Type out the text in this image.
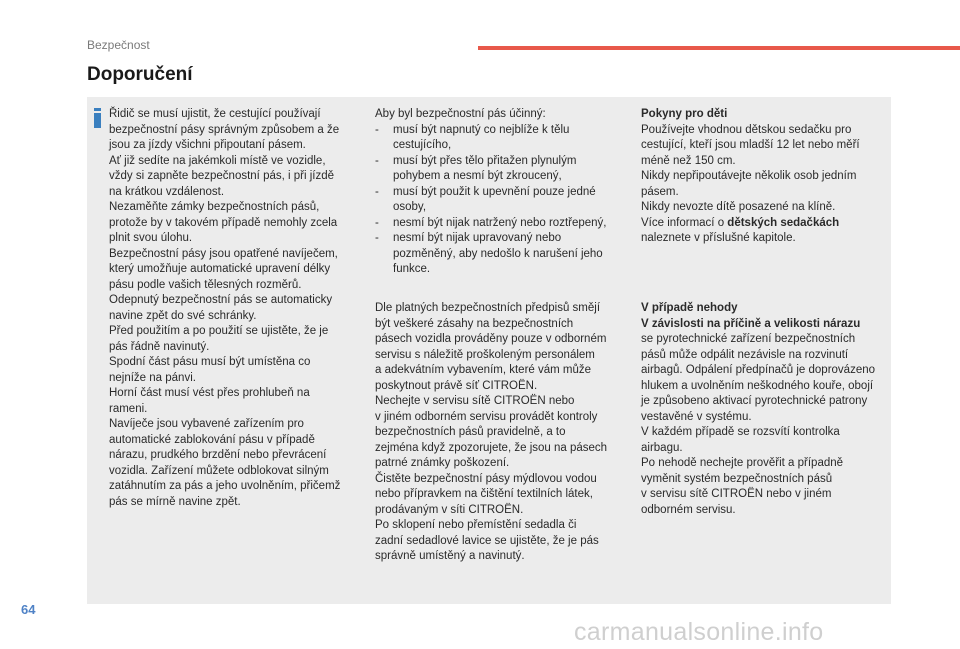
Bezpečnost
Doporučení

Řidič se musí ujistit, že cestující používají

bezpečnostní pásy správným způsobem a že

jsou za jízdy všichni připoutaní pásem.

Ať již sedíte na jakémkoli místě ve vozidle,

vždy si zapněte bezpečnostní pás, i při jízdě

na krátkou vzdálenost.

Nezaměňte zámky bezpečnostních pásů,

protože by v takovém případě nemohly zcela

plnit svou úlohu.

Bezpečnostní pásy jsou opatřené navíječem,

který umožňuje automatické upravení délky

pásu podle vašich tělesných rozměrů.

Odepnutý bezpečnostní pás se automaticky

navine zpět do své schránky.

Před použitím a po použití se ujistěte, že je

pás řádně navinutý.

Spodní část pásu musí být umístěna co

nejníže na pánvi.

Horní část musí vést přes prohlubeň na

rameni.

Navíječe jsou vybavené zařízením pro

automatické zablokování pásu v případě

nárazu, prudkého brzdění nebo převrácení

vozidla. Zařízení můžete odblokovat silným

zatáhnutím za pás a jeho uvolněním, přičemž

pás se mírně navine zpět.

Aby byl bezpečnostní pás účinný:

- musí být napnutý co nejblíže k tělu

cestujícího,

- musí být přes tělo přitažen plynulým

pohybem a nesmí být zkroucený,

- musí být použit k upevnění pouze jedné

osoby,

- nesmí být nijak natržený nebo roztřepený,

- nesmí být nijak upravovaný nebo

pozměněný, aby nedošlo k narušení jeho

funkce.

Dle platných bezpečnostních předpisů smějí

být veškeré zásahy na bezpečnostních

pásech vozidla prováděny pouze v odborném

servisu s náležitě proškoleným personálem

a adekvátním vybavením, které vám může

poskytnout právě síť CITROËN.

Nechejte v servisu sítě CITROËN nebo

v jiném odborném servisu provádět kontroly

bezpečnostních pásů pravidelně, a to

zejména když zpozorujete, že jsou na pásech

patrné známky poškození.

Čistěte bezpečnostní pásy mýdlovou vodou

nebo přípravkem na čištění textilních látek,

prodávaným v síti CITROËN.

Po sklopení nebo přemístění sedadla či

zadní sedadlové lavice se ujistěte, že je pás

správně umístěný a navinutý.

Pokyny pro děti

Používejte vhodnou dětskou sedačku pro

cestující, kteří jsou mladší 12 let nebo měří

méně než 150 cm.

Nikdy nepřipoutávejte několik osob jedním

pásem.

Nikdy nevozte dítě posazené na klíně.

Více informací o dětských sedačkách

naleznete v příslušné kapitole.

V případě nehody

V závislosti na příčině a velikosti nárazu

se pyrotechnické zařízení bezpečnostních

pásů může odpálit nezávisle na rozvinutí

airbagů. Odpálení předpínačů je doprovázeno

hlukem a uvolněním neškodného kouře, obojí

je způsobeno aktivací pyrotechnické patrony

vestavěné v systému.

V každém případě se rozsvítí kontrolka

airbagu.

Po nehodě nechejte prověřit a případně

vyměnit systém bezpečnostních pásů

v servisu sítě CITROËN nebo v jiném

odborném servisu.

64
carmanualsonline.info
